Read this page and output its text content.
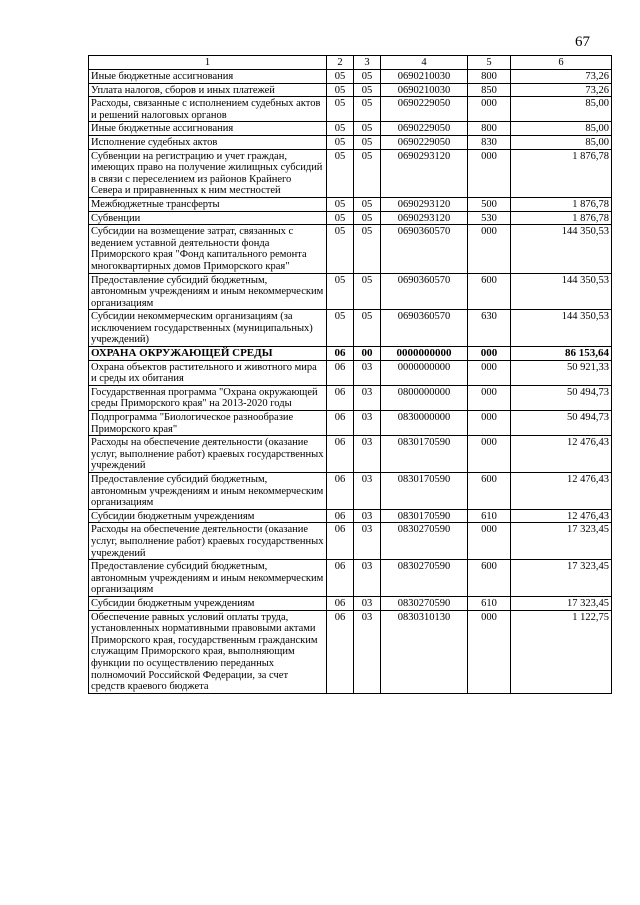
67
1	2	3	4	5	6
Иные бюджетные ассигнования	05	05	0690210030	800	73,26
Уплата налогов, сборов и иных платежей	05	05	0690210030	850	73,26
Расходы, связанные с исполнением судебных актов и решений налоговых органов	05	05	0690229050	000	85,00
Иные бюджетные ассигнования	05	05	0690229050	800	85,00
Исполнение судебных актов	05	05	0690229050	830	85,00
Субвенции на регистрацию и учет граждан, имеющих право на получение жилищных субсидий в связи с переселением из районов Крайнего Севера и приравненных к ним местностей	05	05	0690293120	000	1 876,78
Межбюджетные трансферты	05	05	0690293120	500	1 876,78
Субвенции	05	05	0690293120	530	1 876,78
Субсидии на возмещение затрат, связанных с ведением уставной деятельности фонда Приморского края "Фонд капитального ремонта многоквартирных домов Приморского края"	05	05	0690360570	000	144 350,53
Предоставление субсидий бюджетным, автономным учреждениям и иным некоммерческим организациям	05	05	0690360570	600	144 350,53
Субсидии некоммерческим организациям (за исключением государственных (муниципальных) учреждений)	05	05	0690360570	630	144 350,53
ОХРАНА ОКРУЖАЮЩЕЙ СРЕДЫ	06	00	0000000000	000	86 153,64
Охрана объектов растительного и животного мира и среды их обитания	06	03	0000000000	000	50 921,33
Государственная программа "Охрана окружающей среды Приморского края" на 2013-2020 годы	06	03	0800000000	000	50 494,73
Подпрограмма "Биологическое разнообразие Приморского края"	06	03	0830000000	000	50 494,73
Расходы на обеспечение деятельности (оказание услуг, выполнение работ) краевых государственных учреждений	06	03	0830170590	000	12 476,43
Предоставление субсидий бюджетным, автономным учреждениям и иным некоммерческим организациям	06	03	0830170590	600	12 476,43
Субсидии бюджетным учреждениям	06	03	0830170590	610	12 476,43
Расходы на обеспечение деятельности (оказание услуг, выполнение работ) краевых государственных учреждений	06	03	0830270590	000	17 323,45
Предоставление субсидий бюджетным, автономным учреждениям и иным некоммерческим организациям	06	03	0830270590	600	17 323,45
Субсидии бюджетным учреждениям	06	03	0830270590	610	17 323,45
Обеспечение равных условий оплаты труда, установленных нормативными правовыми актами Приморского края, государственным гражданским служащим Приморского края, выполняющим функции по осуществлению переданных полномочий Российской Федерации, за счет средств краевого бюджета	06	03	0830310130	000	1 122,75
